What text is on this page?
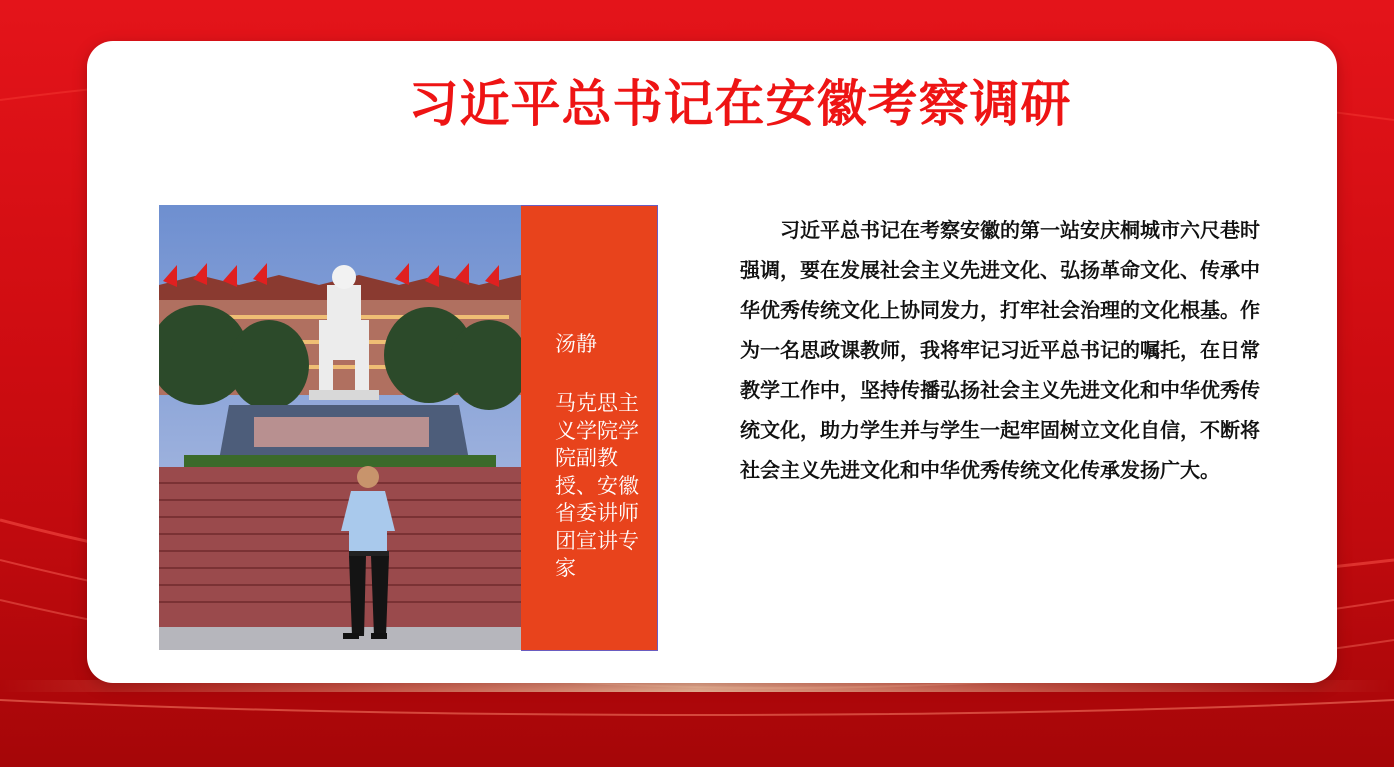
习近平总书记在安徽考察调研
汤静
马克思主义学院学院副教授、安徽省委讲师团宣讲专家
习近平总书记在考察安徽的第一站安庆桐城市六尺巷时强调，要在发展社会主义先进文化、弘扬革命文化、传承中华优秀传统文化上协同发力，打牢社会治理的文化根基。作为一名思政课教师，我将牢记习近平总书记的嘱托，在日常教学工作中，坚持传播弘扬社会主义先进文化和中华优秀传统文化，助力学生并与学生一起牢固树立文化自信，不断将社会主义先进文化和中华优秀传统文化传承发扬广大。
